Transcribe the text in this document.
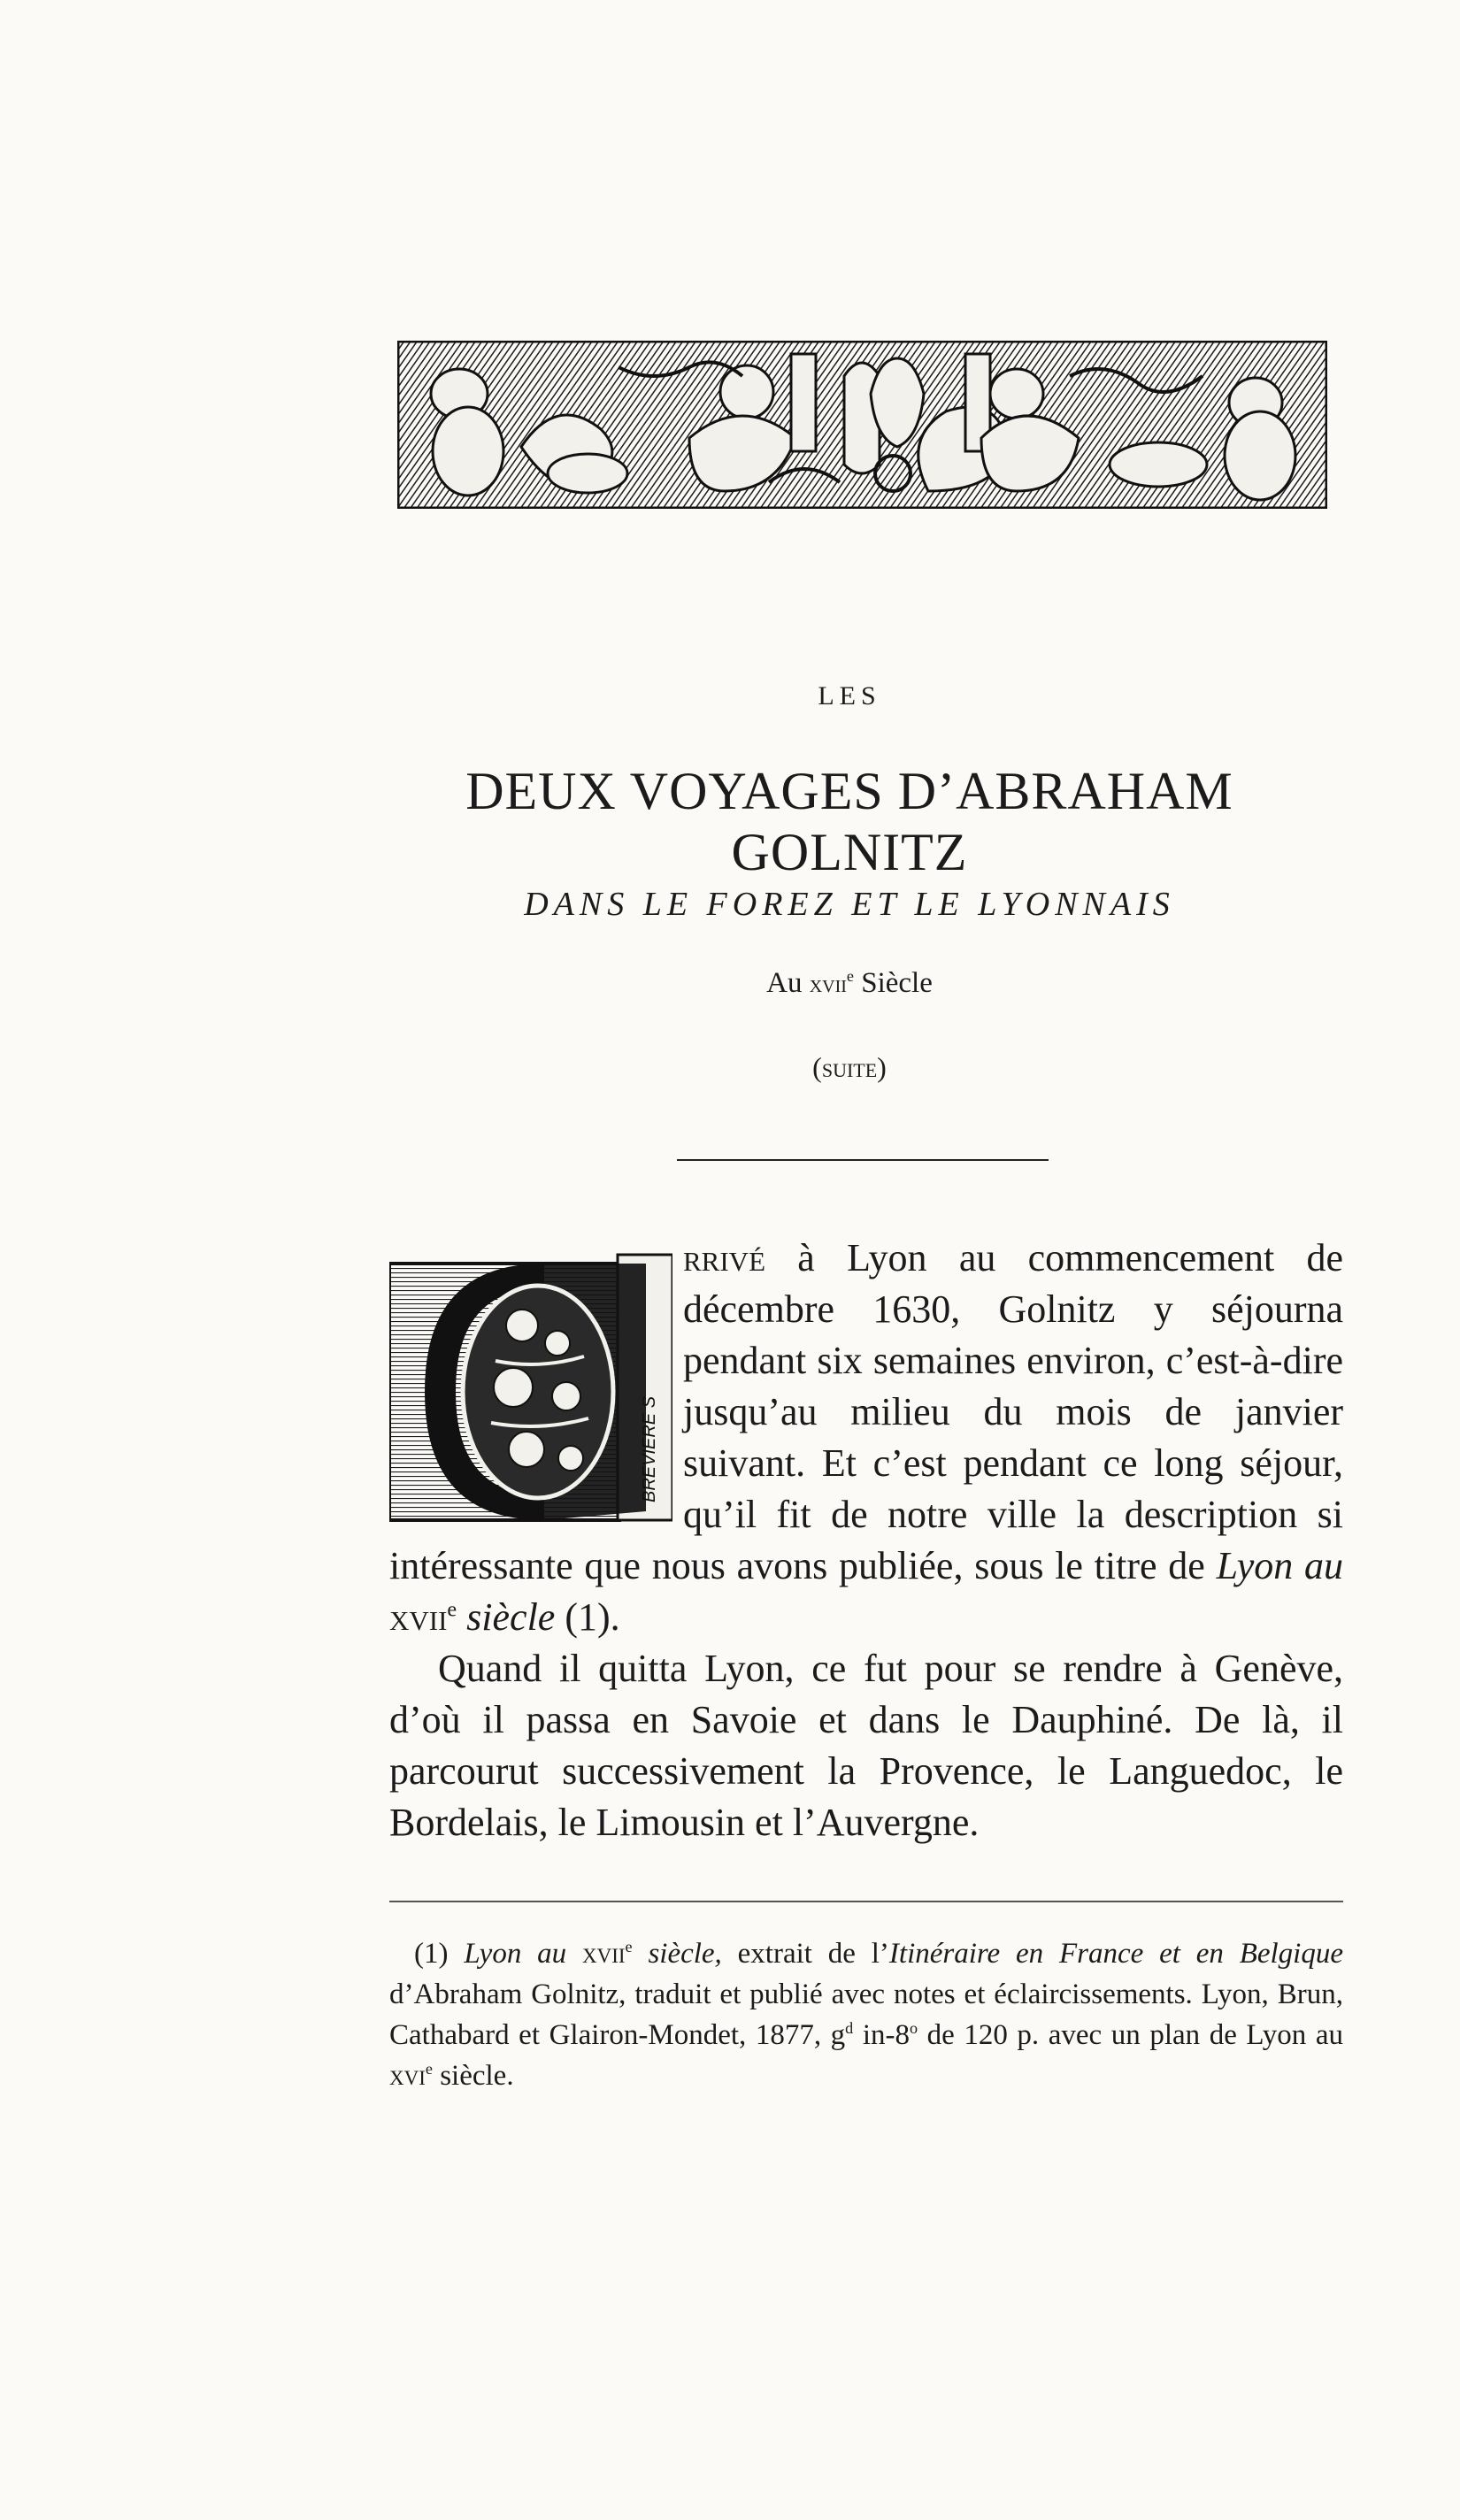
LES
DEUX VOYAGES D’ABRAHAM GOLNITZ
DANS LE FOREZ ET LE LYONNAIS
Au xvii$^e$ Siècle
(suite)
BREVIERE S

rrivé à Lyon au commencement de décembre 1630, Golnitz y séjourna pendant six semaines environ, c’est-à-dire jusqu’au milieu du mois de janvier suivant. Et c’est pendant ce long séjour, qu’il fit de notre ville la description si intéressante que nous avons publiée, sous le titre de Lyon au xvii$^e$ siècle (1).

Quand il quitta Lyon, ce fut pour se rendre à Genève, d’où il passa en Savoie et dans le Dauphiné. De là, il parcourut successivement la Provence, le Languedoc, le Bordelais, le Limousin et l’Auvergne.

(1) Lyon au xvii$^e$ siècle, extrait de l’Itinéraire en France et en Belgique d’Abraham Golnitz, traduit et publié avec notes et éclaircissements. Lyon, Brun, Cathabard et Glairon-Mondet, 1877, $g^d$ in-8$^o$ de 120 p. avec un plan de Lyon au xvi$^e$ siècle.
